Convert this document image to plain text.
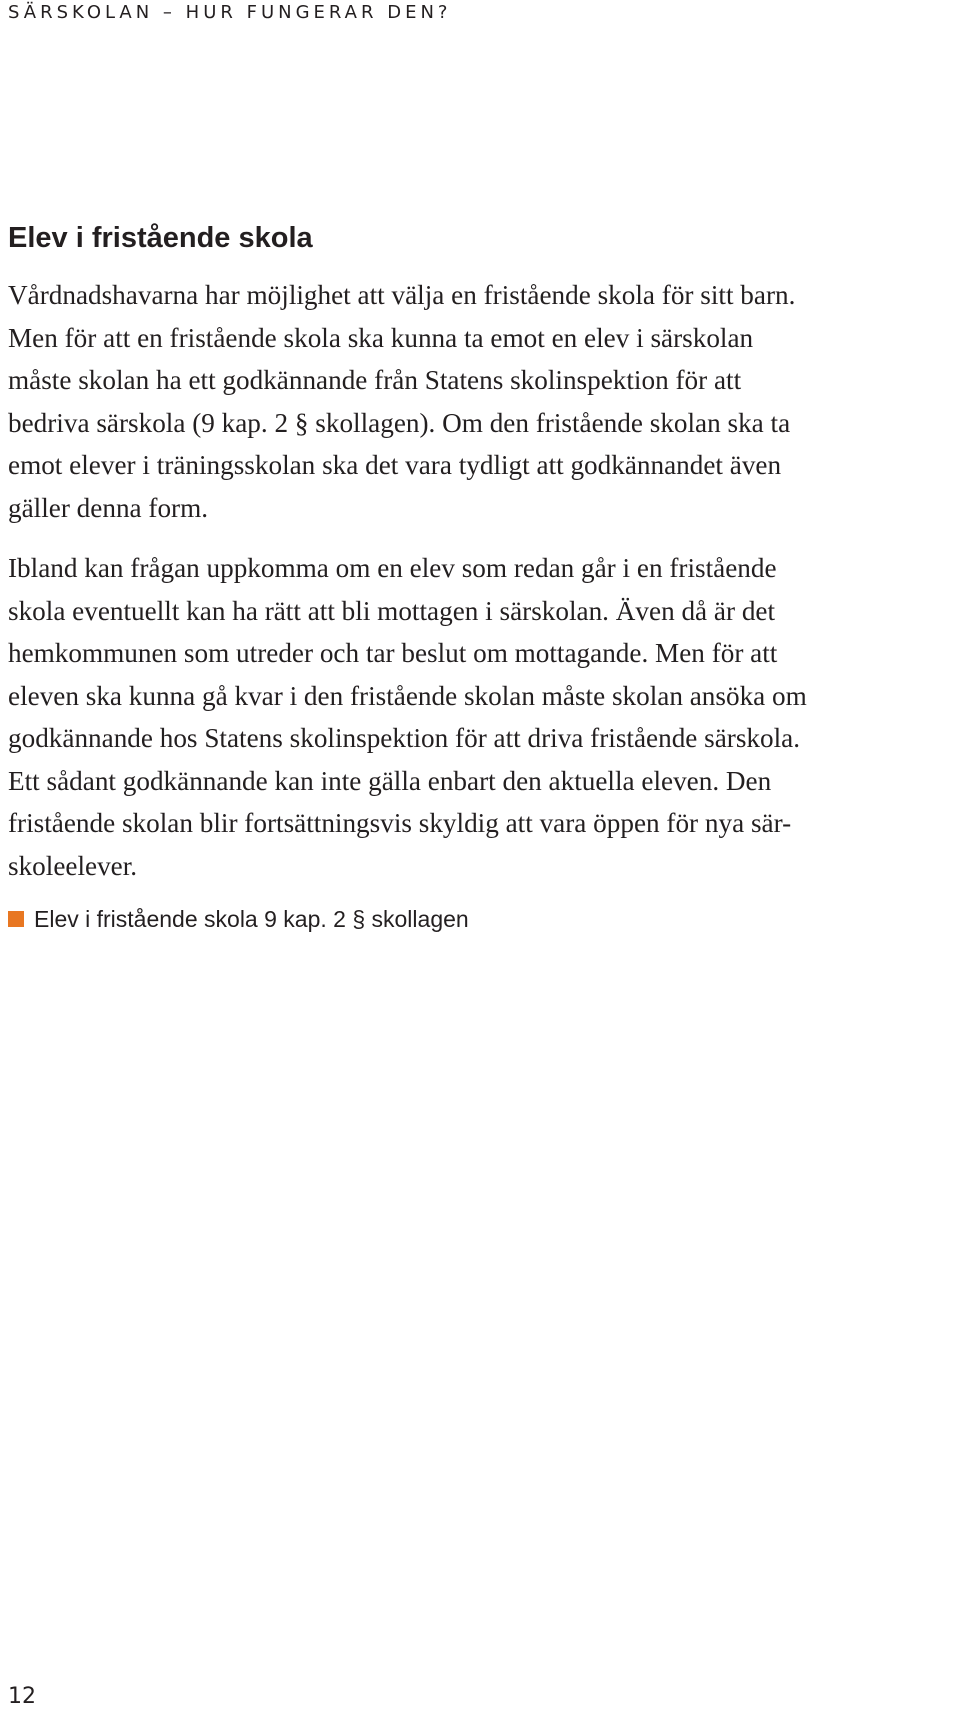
SÄRSKOLAN – HUR FUNGERAR DEN?
Elev i fristående skola
Vårdnadshavarna har möjlighet att välja en fristående skola för sitt barn.
Men för att en fristående skola ska kunna ta emot en elev i särskolan
måste skolan ha ett godkännande från Statens skolinspektion för att
bedriva särskola (9 kap. 2 § skollagen). Om den fristående skolan ska ta
emot elever i träningsskolan ska det vara tydligt att godkännandet även
gäller denna form.
Ibland kan frågan uppkomma om en elev som redan går i en fristående
skola eventuellt kan ha rätt att bli mottagen i särskolan. Även då är det
hemkommunen som utreder och tar beslut om mottagande. Men för att
eleven ska kunna gå kvar i den fristående skolan måste skolan ansöka om
godkännande hos Statens skolinspektion för att driva fristående särskola.
Ett sådant godkännande kan inte gälla enbart den aktuella eleven. Den
fristående skolan blir fortsättningsvis skyldig att vara öppen för nya sär-
skoleelever.
Elev i fristående skola 9 kap. 2 § skollagen
12
